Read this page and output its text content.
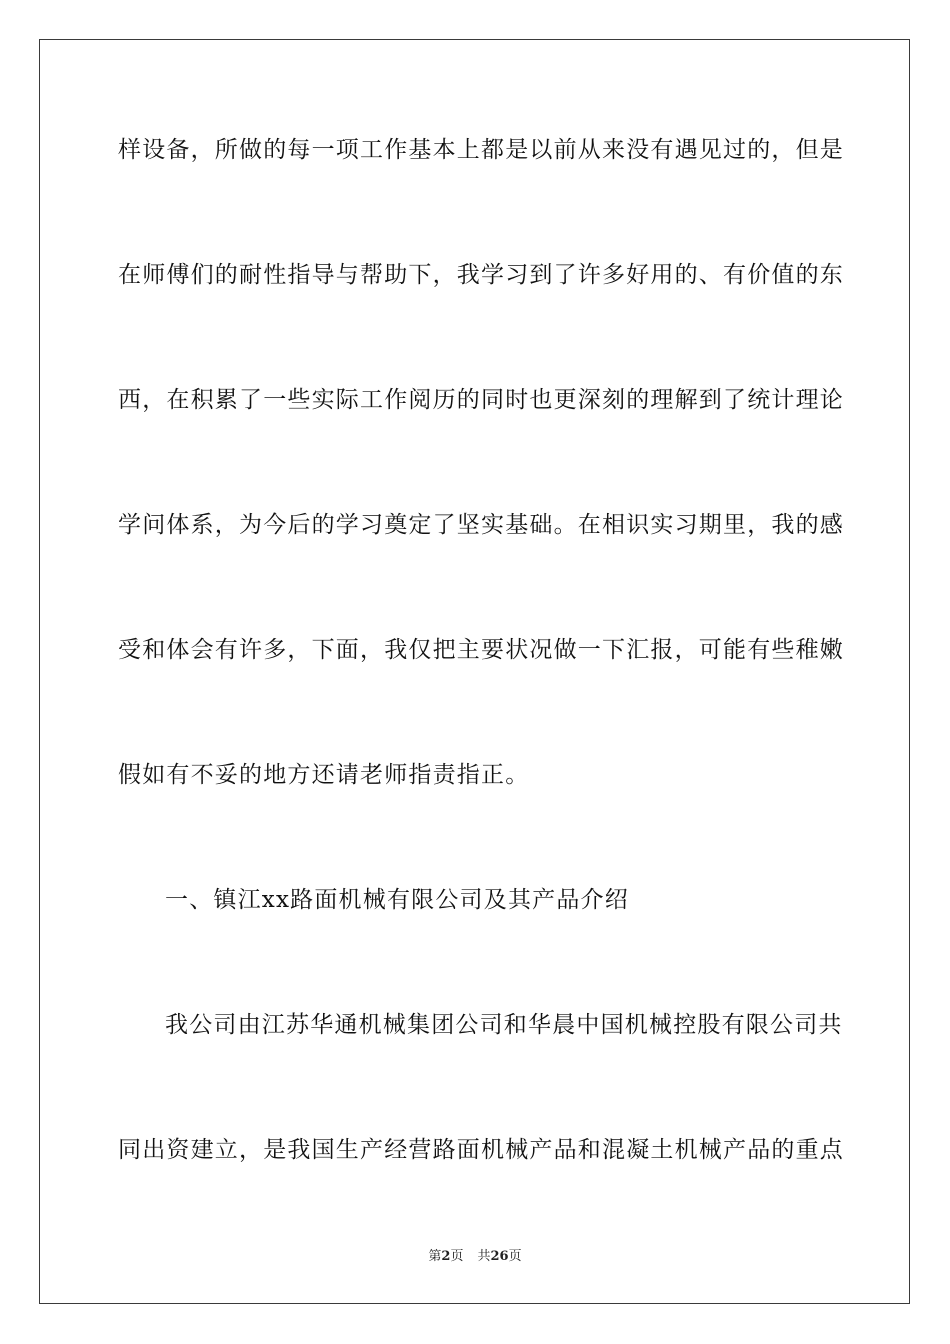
样设备，所做的每一项工作基本上都是以前从来没有遇见过的，但是
在师傅们的耐性指导与帮助下，我学习到了许多好用的、有价值的东
西，在积累了一些实际工作阅历的同时也更深刻的理解到了统计理论
学问体系，为今后的学习奠定了坚实基础。在相识实习期里，我的感
受和体会有许多，下面，我仅把主要状况做一下汇报，可能有些稚嫩
假如有不妥的地方还请老师指责指正。
一、镇江xx路面机械有限公司及其产品介绍
我公司由江苏华通机械集团公司和华晨中国机械控股有限公司共
同出资建立，是我国生产经营路面机械产品和混凝土机械产品的重点
第2页 共26页
